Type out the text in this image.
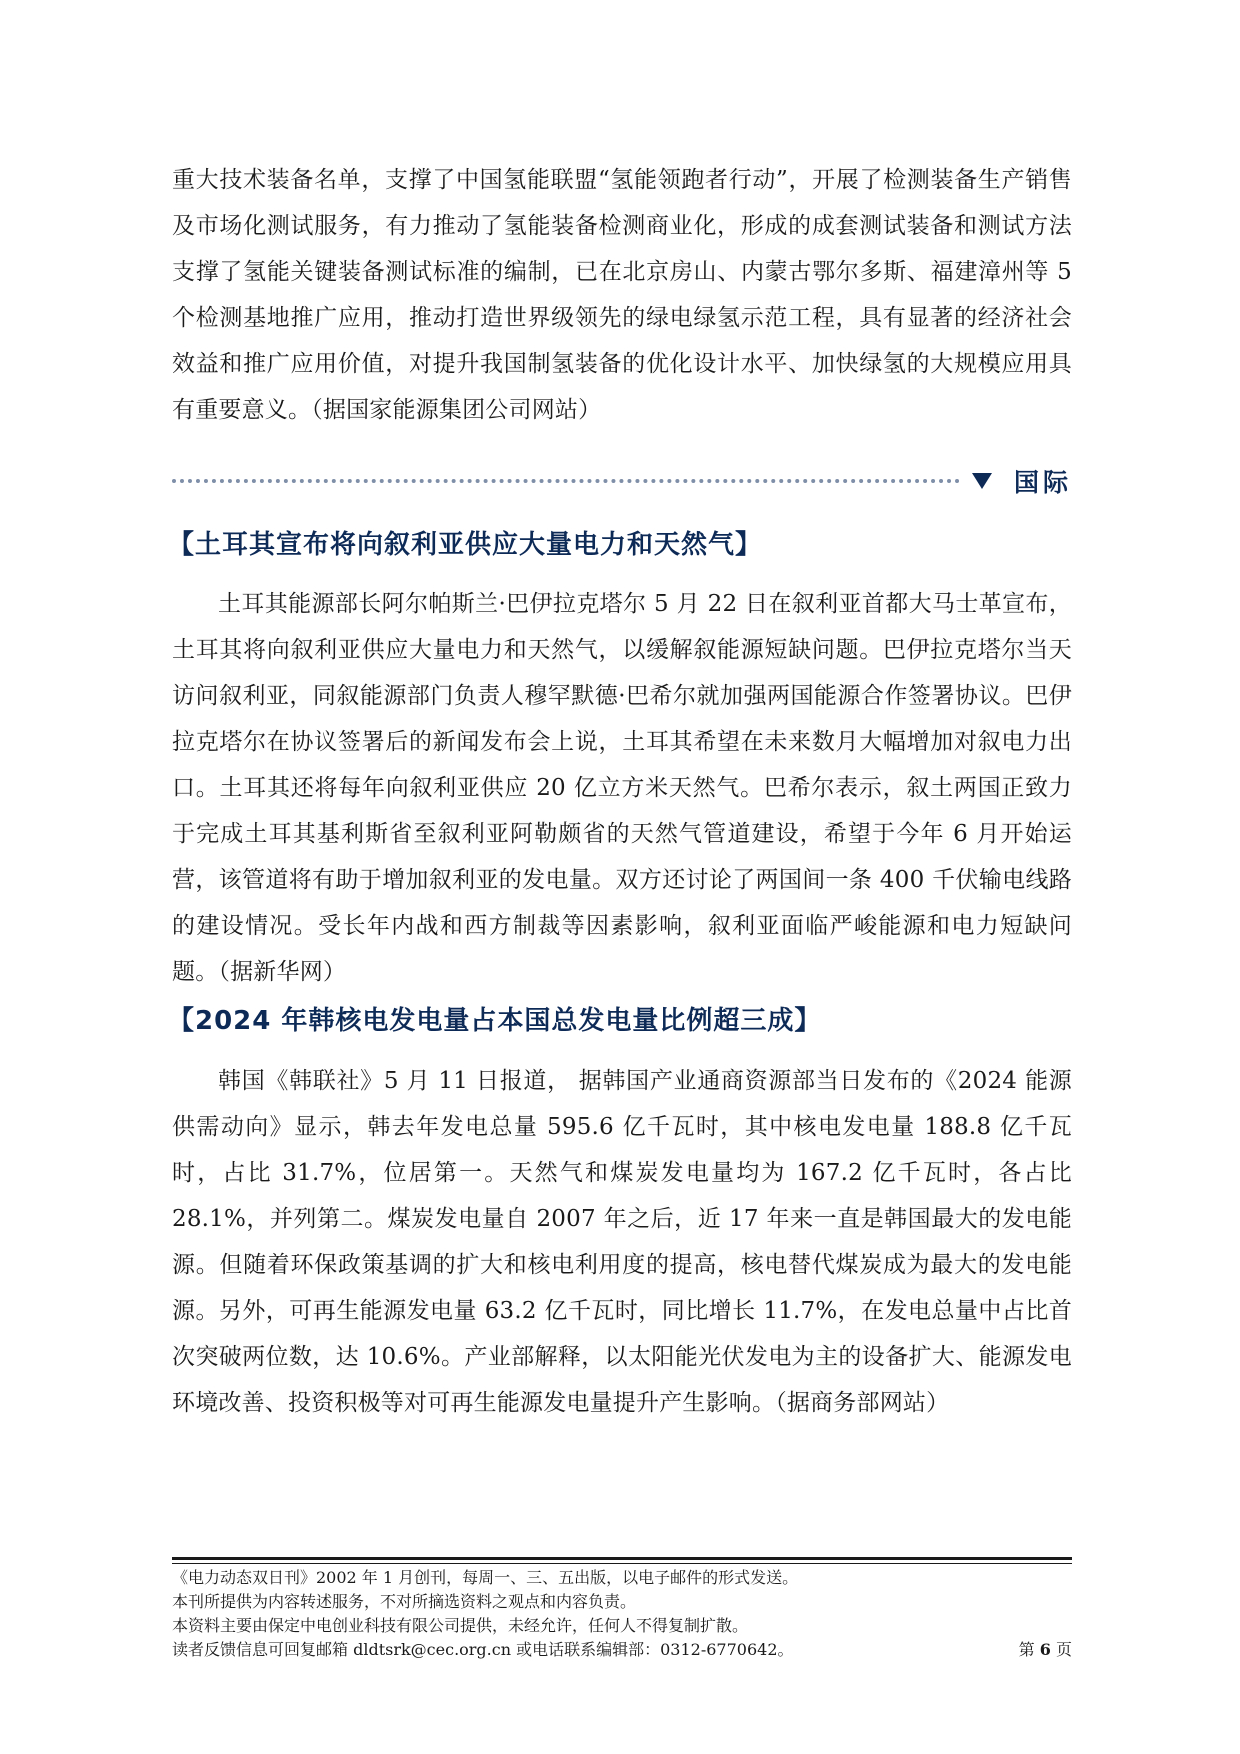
重大技术装备名单，支撑了中国氢能联盟“氢能领跑者行动”，开展了检测装备生产销售及市场化测试服务，有力推动了氢能装备检测商业化，形成的成套测试装备和测试方法支撑了氢能关键装备测试标准的编制，已在北京房山、内蒙古鄂尔多斯、福建漳州等 5 个检测基地推广应用，推动打造世界级领先的绿电绿氢示范工程，具有显著的经济社会效益和推广应用价值，对提升我国制氢装备的优化设计水平、加快绿氢的大规模应用具有重要意义。（据国家能源集团公司网站）

国际
【土耳其宣布将向叙利亚供应大量电力和天然气】

土耳其能源部长阿尔帕斯兰·巴伊拉克塔尔 5 月 22 日在叙利亚首都大马士革宣布，土耳其将向叙利亚供应大量电力和天然气，以缓解叙能源短缺问题。巴伊拉克塔尔当天访问叙利亚，同叙能源部门负责人穆罕默德·巴希尔就加强两国能源合作签署协议。巴伊拉克塔尔在协议签署后的新闻发布会上说，土耳其希望在未来数月大幅增加对叙电力出口。土耳其还将每年向叙利亚供应 20 亿立方米天然气。巴希尔表示，叙土两国正致力于完成土耳其基利斯省至叙利亚阿勒颇省的天然气管道建设，希望于今年 6 月开始运营，该管道将有助于增加叙利亚的发电量。双方还讨论了两国间一条 400 千伏输电线路的建设情况。受长年内战和西方制裁等因素影响，叙利亚面临严峻能源和电力短缺问题。（据新华网）

【2024 年韩核电发电量占本国总发电量比例超三成】

韩国《韩联社》5 月 11 日报道， 据韩国产业通商资源部当日发布的《2024 能源供需动向》显示，韩去年发电总量 595.6 亿千瓦时，其中核电发电量 188.8 亿千瓦时，占比 31.7%，位居第一。天然气和煤炭发电量均为 167.2 亿千瓦时，各占比 28.1%，并列第二。煤炭发电量自 2007 年之后，近 17 年来一直是韩国最大的发电能源。但随着环保政策基调的扩大和核电利用度的提高，核电替代煤炭成为最大的发电能源。另外，可再生能源发电量 63.2 亿千瓦时，同比增长 11.7%，在发电总量中占比首次突破两位数，达 10.6%。产业部解释，以太阳能光伏发电为主的设备扩大、能源发电环境改善、投资积极等对可再生能源发电量提升产生影响。（据商务部网站）

《电力动态双日刊》2002 年 1 月创刊，每周一、三、五出版，以电子邮件的形式发送。
本刊所提供为内容转述服务，不对所摘选资料之观点和内容负责。
本资料主要由保定中电创业科技有限公司提供，未经允许，任何人不得复制扩散。
读者反馈信息可回复邮箱 dldtsrk@cec.org.cn 或电话联系编辑部：0312-6770642。	第 6 页
